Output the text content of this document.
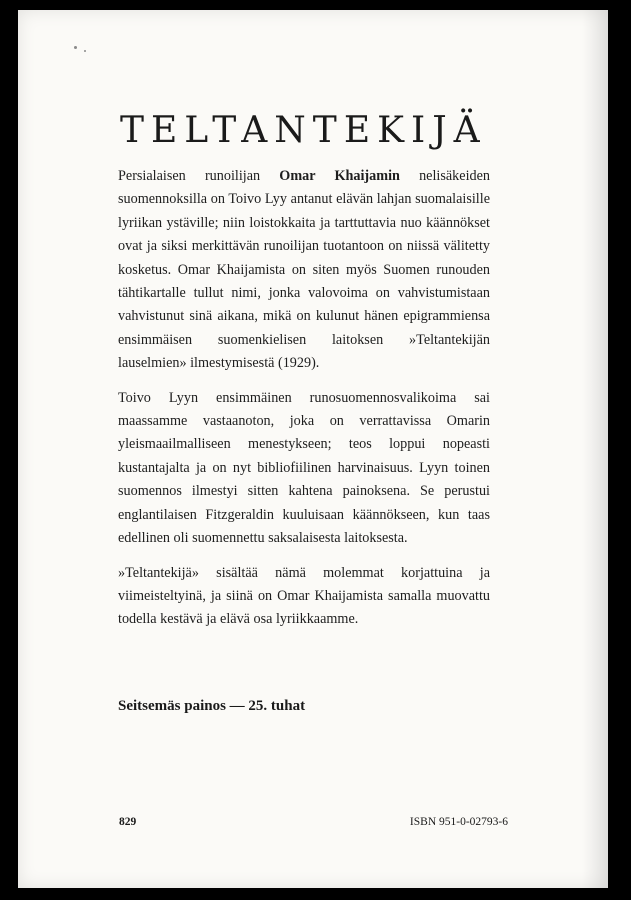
TELTANTEKIJÄ

Persialaisen runoilijan Omar Khaijamin nelisäkeiden suomennoksilla on Toivo Lyy antanut elävän lahjan suomalaisille lyriikan ystäville; niin loistokkaita ja tarttuttavia nuo käännökset ovat ja siksi merkittävän runoilijan tuotantoon on niissä välitetty kosketus. Omar Khaijamista on siten myös Suomen runouden tähtikartalle tullut nimi, jonka valovoima on vahvistumistaan vahvistunut sinä aikana, mikä on kulunut hänen epigrammiensa ensimmäisen suomenkielisen laitoksen »Teltantekijän lauselmien» ilmestymisestä (1929).

Toivo Lyyn ensimmäinen runosuomennosvalikoima sai maassamme vastaanoton, joka on verrattavissa Omarin yleismaailmalliseen menestykseen; teos loppui nopeasti kustantajalta ja on nyt bibliofiilinen harvinaisuus. Lyyn toinen suomennos ilmestyi sitten kahtena painoksena. Se perustui englantilaisen Fitzgeraldin kuuluisaan käännökseen, kun taas edellinen oli suomennettu saksalaisesta laitoksesta.

»Teltantekijä» sisältää nämä molemmat korjattuina ja viimeisteltyinä, ja siinä on Omar Khaijamista samalla muovattu todella kestävä ja elävä osa lyriikkaamme.

Seitsemäs painos — 25. tuhat
829	ISBN 951-0-02793-6
